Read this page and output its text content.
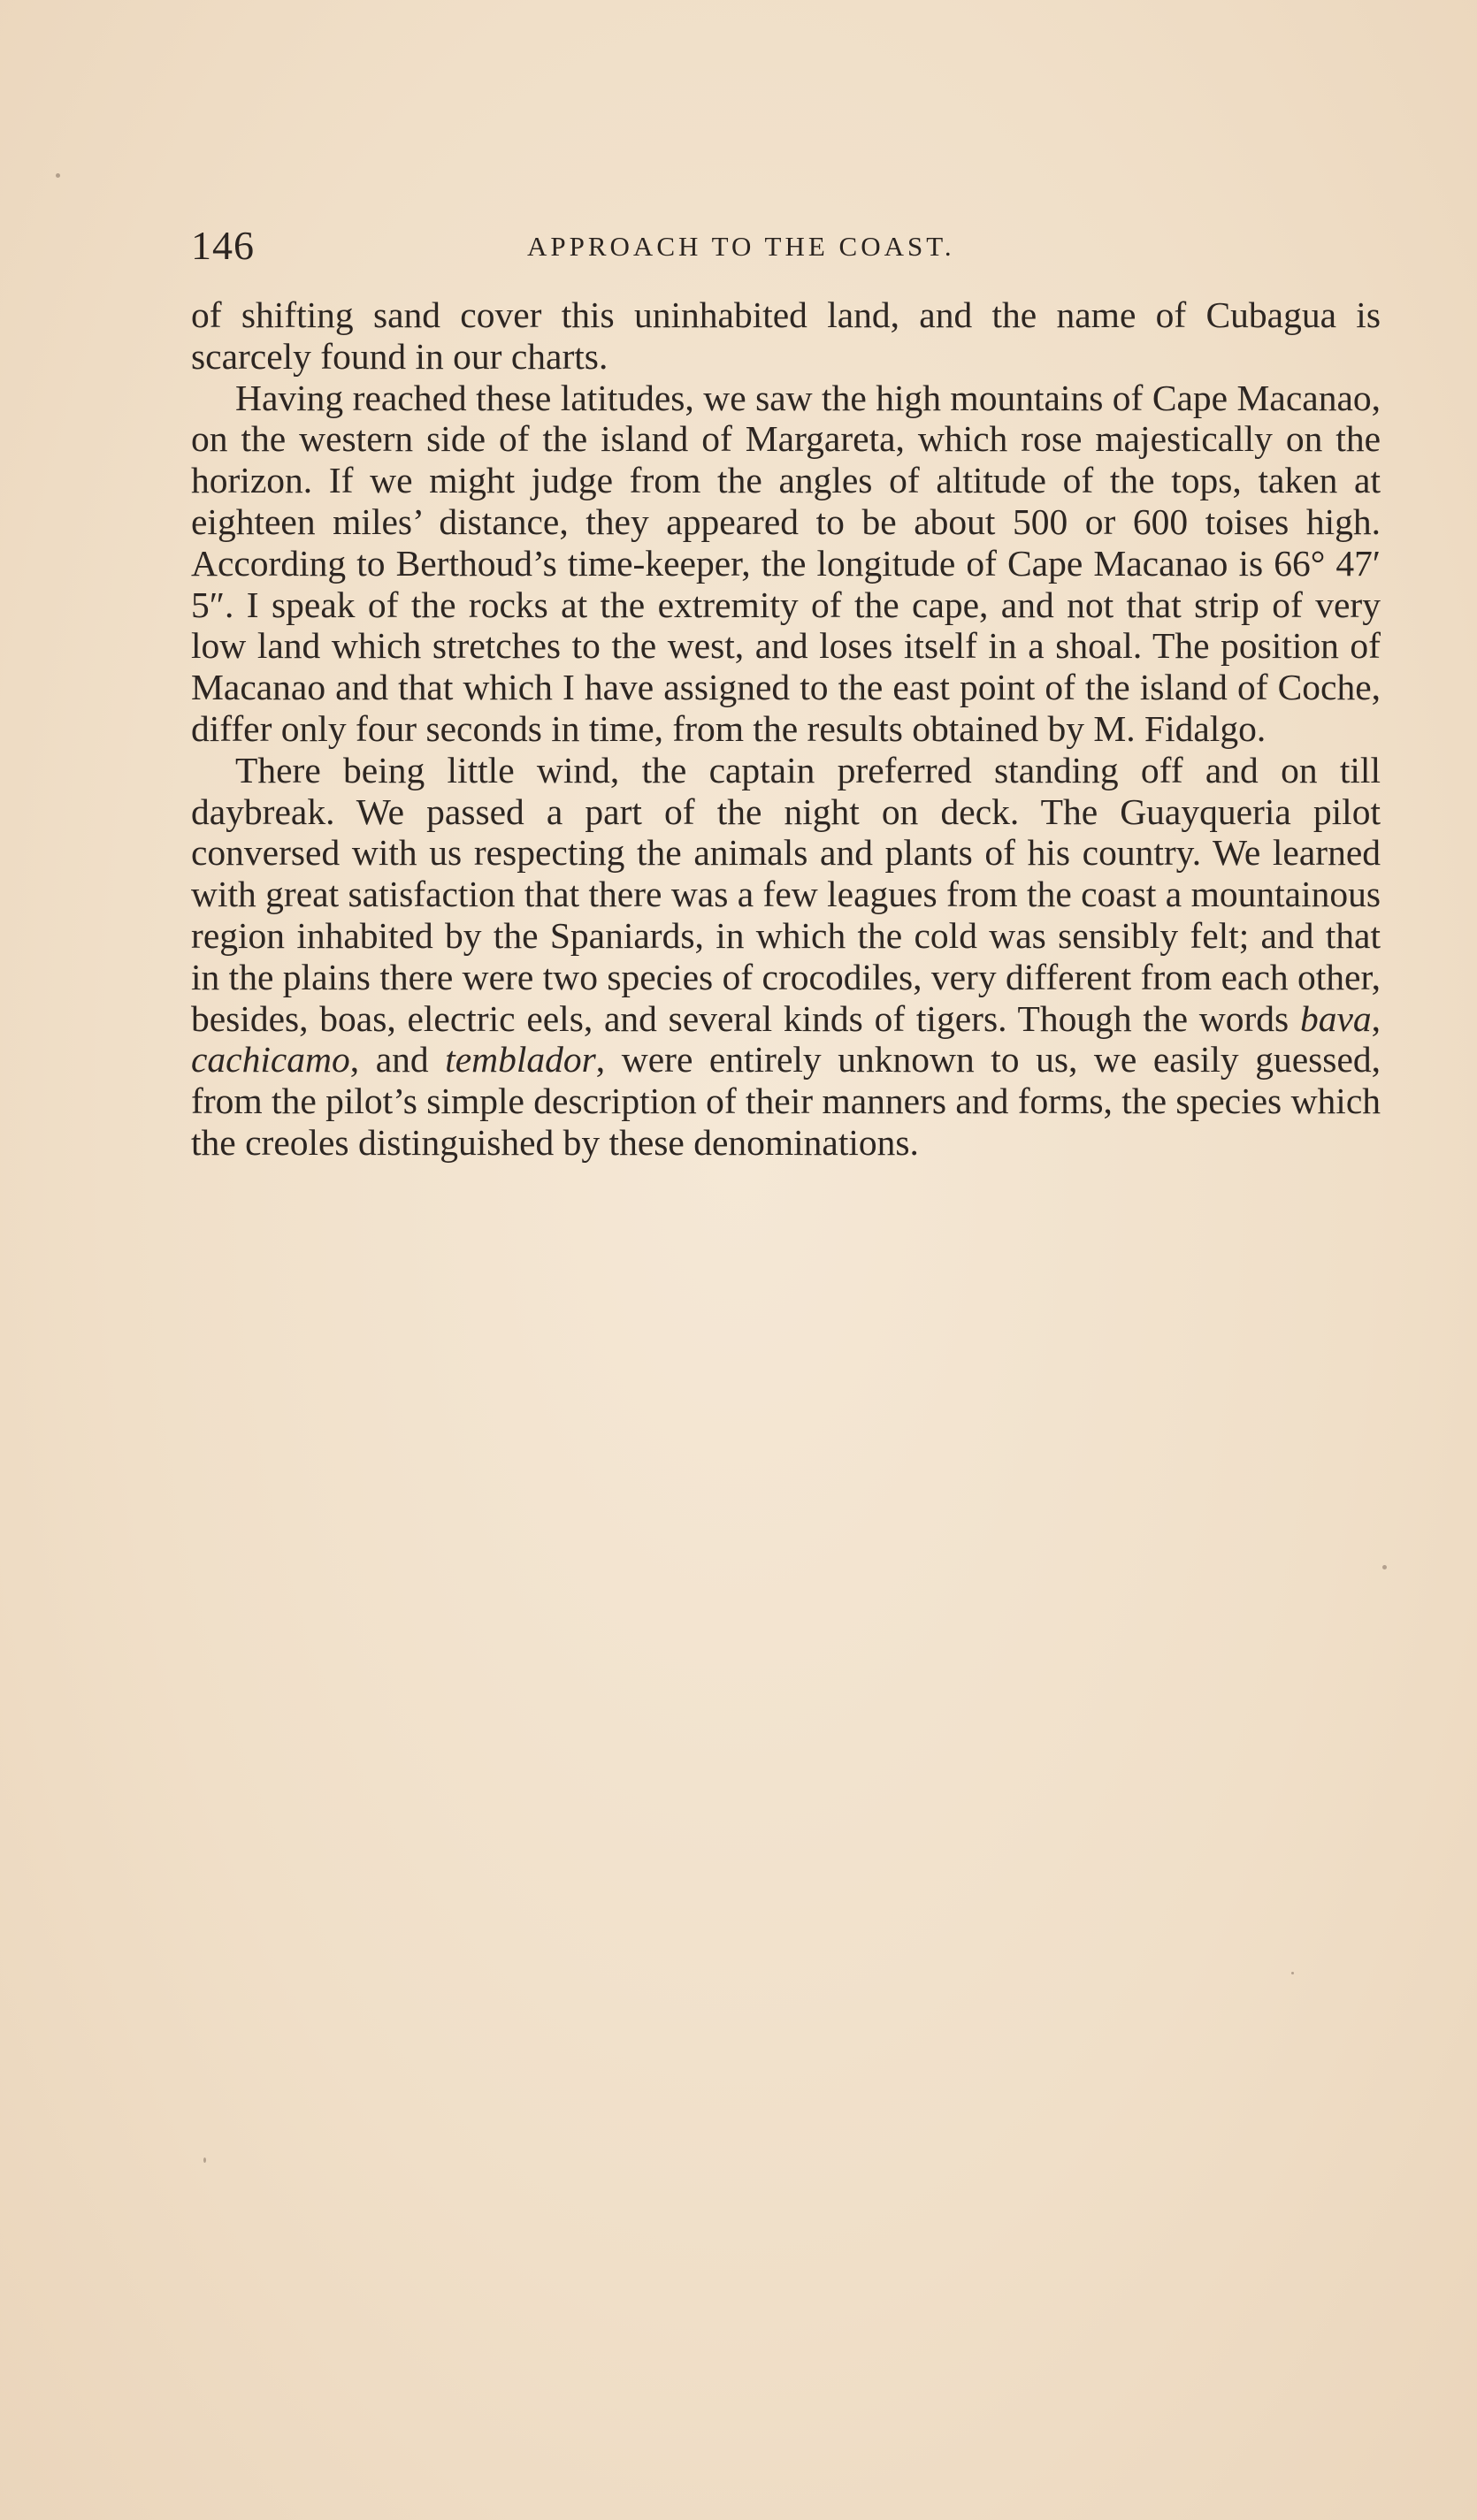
146	APPROACH TO THE COAST.

of shifting sand cover this uninhabited land, and the name of Cubagua is scarcely found in our charts.

Having reached these latitudes, we saw the high mountains of Cape Macanao, on the western side of the island of Margareta, which rose majestically on the horizon. If we might judge from the angles of altitude of the tops, taken at eighteen miles’ distance, they appeared to be about 500 or 600 toises high. According to Berthoud’s time-keeper, the longitude of Cape Macanao is 66° 47′ 5″. I speak of the rocks at the extremity of the cape, and not that strip of very low land which stretches to the west, and loses itself in a shoal. The position of Macanao and that which I have assigned to the east point of the island of Coche, differ only four seconds in time, from the results obtained by M. Fidalgo.

There being little wind, the captain preferred standing off and on till daybreak. We passed a part of the night on deck. The Guayqueria pilot conversed with us respecting the animals and plants of his country. We learned with great satisfaction that there was a few leagues from the coast a mountainous region inhabited by the Spaniards, in which the cold was sensibly felt; and that in the plains there were two species of crocodiles, very different from each other, besides, boas, electric eels, and several kinds of tigers. Though the words bava, cachicamo, and temblador, were entirely unknown to us, we easily guessed, from the pilot’s simple description of their manners and forms, the species which the creoles distinguished by these denominations.
